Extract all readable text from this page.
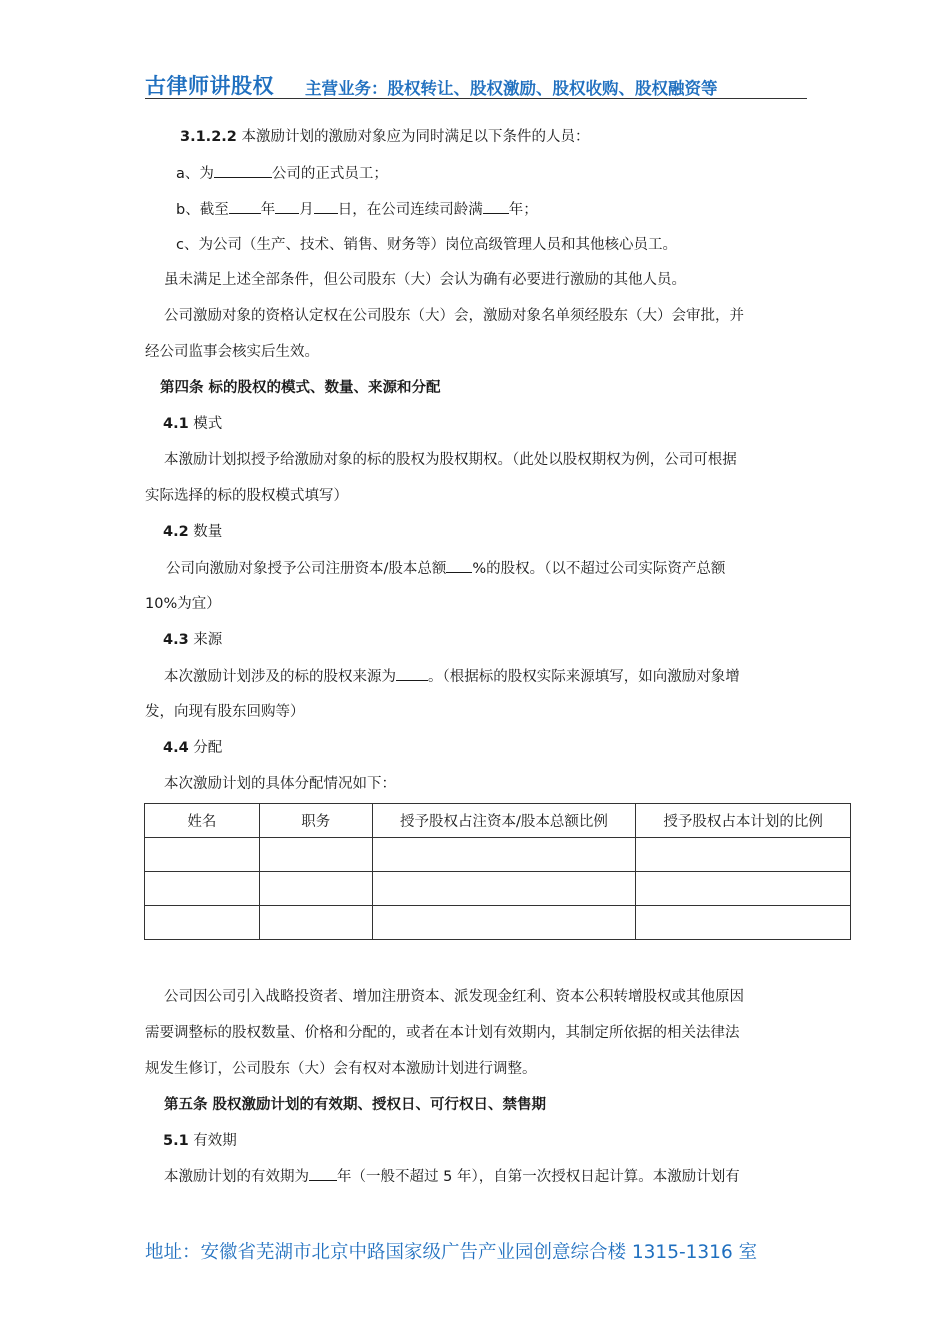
古律师讲股权 主营业务：股权转让、股权激励、股权收购、股权融资等
3.1.2.2 本激励计划的激励对象应为同时满足以下条件的人员：
a、为	公司的正式员工；
b、截至 年 月 日，在公司连续司龄满 年；
c、为公司（生产、技术、销售、财务等）岗位高级管理人员和其他核心员工。
虽未满足上述全部条件，但公司股东（大）会认为确有必要进行激励的其他人员。
公司激励对象的资格认定权在公司股东（大）会，激励对象名单须经股东（大）会审批，并
经公司监事会核实后生效。
第四条 标的股权的模式、数量、来源和分配
4.1 模式
本激励计划拟授予给激励对象的标的股权为股权期权。（此处以股权期权为例，公司可根据
实际选择的标的股权模式填写）
4.2 数量
公司向激励对象授予公司注册资本/股本总额 %的股权。（以不超过公司实际资产总额
10%为宜）
4.3 来源
本次激励计划涉及的标的股权来源为 。（根据标的股权实际来源填写，如向激励对象增
发，向现有股东回购等）
4.4 分配
本次激励计划的具体分配情况如下：
姓名	职务	授予股权占注资本/股本总额比例	授予股权占本计划的比例

公司因公司引入战略投资者、增加注册资本、派发现金红利、资本公积转增股权或其他原因
需要调整标的股权数量、价格和分配的，或者在本计划有效期内，其制定所依据的相关法律法
规发生修订，公司股东（大）会有权对本激励计划进行调整。
第五条 股权激励计划的有效期、授权日、可行权日、禁售期
5.1 有效期
本激励计划的有效期为 年（一般不超过 5 年），自第一次授权日起计算。本激励计划有
地址：安徽省芜湖市北京中路国家级广告产业园创意综合楼 1315-1316 室
